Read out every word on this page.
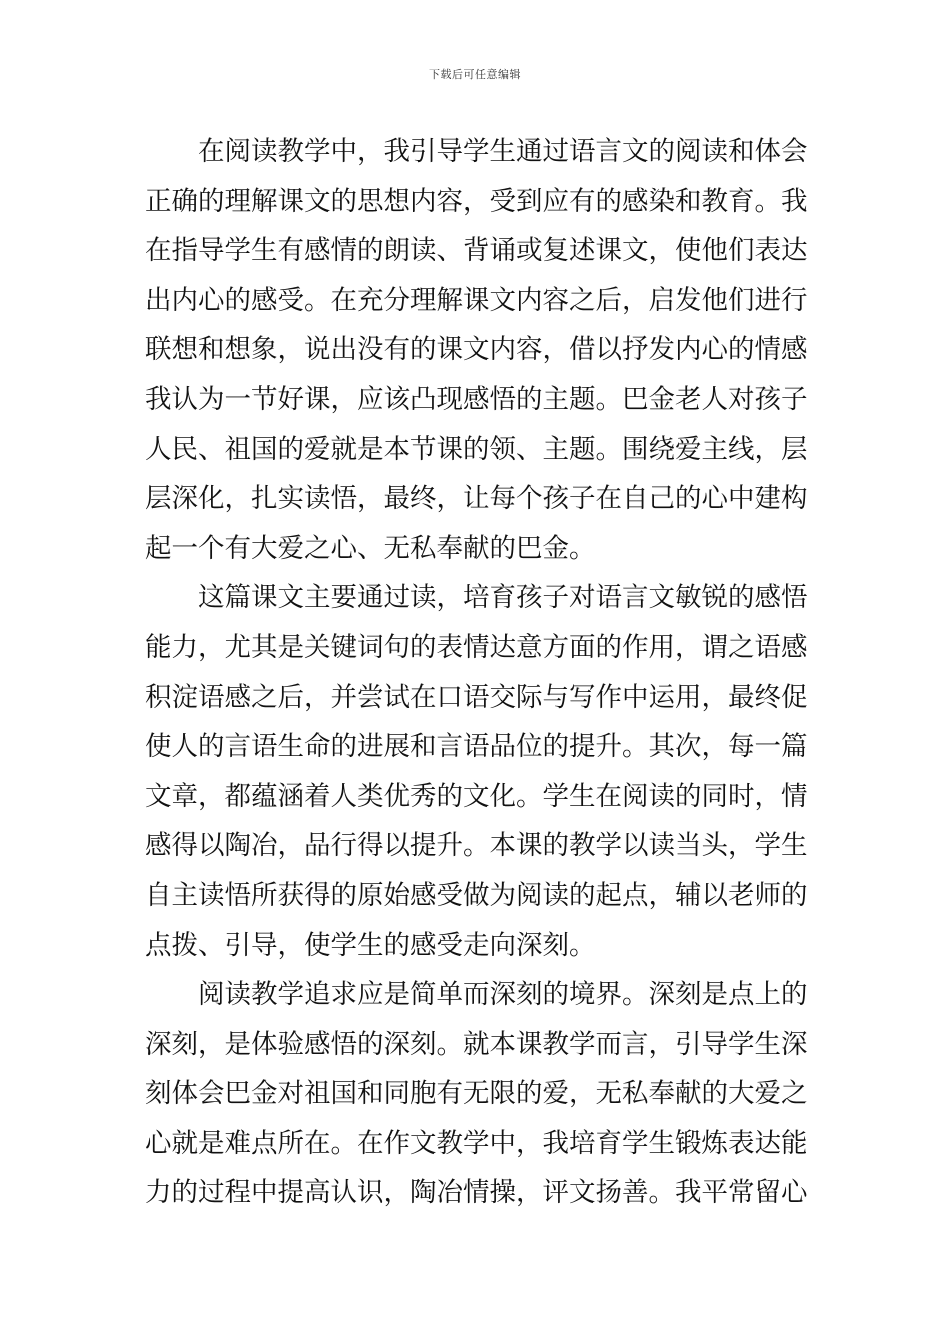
下载后可任意编辑
在阅读教学中，我引导学生通过语言文的阅读和体会
正确的理解课文的思想内容，受到应有的感染和教育。我
在指导学生有感情的朗读、背诵或复述课文，使他们表达
出内心的感受。在充分理解课文内容之后，启发他们进行
联想和想象，说出没有的课文内容，借以抒发内心的情感
我认为一节好课，应该凸现感悟的主题。巴金老人对孩子
人民、祖国的爱就是本节课的领、主题。围绕爱主线，层
层深化，扎实读悟，最终，让每个孩子在自己的心中建构
起一个有大爱之心、无私奉献的巴金。
这篇课文主要通过读，培育孩子对语言文敏锐的感悟
能力，尤其是关键词句的表情达意方面的作用，谓之语感
积淀语感之后，并尝试在口语交际与写作中运用，最终促
使人的言语生命的进展和言语品位的提升。其次，每一篇
文章，都蕴涵着人类优秀的文化。学生在阅读的同时，情
感得以陶冶，品行得以提升。本课的教学以读当头，学生
自主读悟所获得的原始感受做为阅读的起点，辅以老师的
点拨、引导，使学生的感受走向深刻。
阅读教学追求应是简单而深刻的境界。深刻是点上的
深刻，是体验感悟的深刻。就本课教学而言，引导学生深
刻体会巴金对祖国和同胞有无限的爱，无私奉献的大爱之
心就是难点所在。在作文教学中，我培育学生锻炼表达能
力的过程中提高认识，陶冶情操，评文扬善。我平常留心
